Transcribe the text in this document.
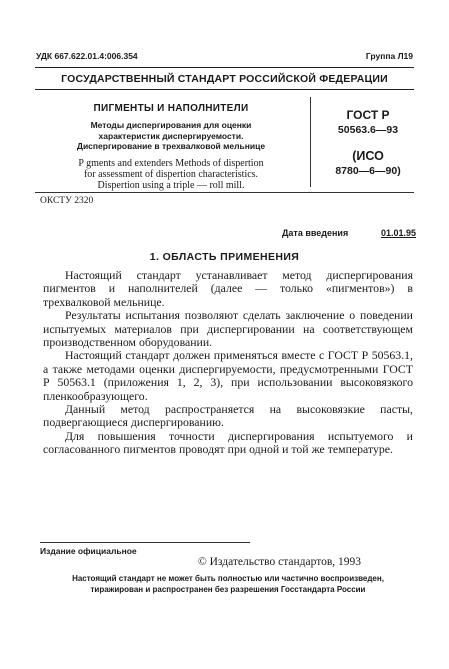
УДК 667.622.01.4:006.354	Группа Л19
ГОСУДАРСТВЕННЫЙ СТАНДАРТ РОССИЙСКОЙ ФЕДЕРАЦИИ
ПИГМЕНТЫ И НАПОЛНИТЕЛИ
Методы диспергирования для оценки
характеристик диспергируемости.
Диспергирование в трехвалковой мельнице
P gments and extenders Methods of dispertion
for assessment of dispertion characteristics.
Dispertion using a triple — roll mill.
ГОСТ Р
50563.6—93
(ИСО
8780—6—90)
ОКСТУ 2320
Дата введения	01.01.95
1. ОБЛАСТЬ ПРИМЕНЕНИЯ

Настоящий стандарт устанавливает метод диспергирования пигментов и наполнителей (далее — только «пигментов») в трехвалковой мельнице.

Результаты испытания позволяют сделать заключение о поведении испытуемых материалов при диспергировании на соответствующем производственном оборудовании.

Настоящий стандарт должен применяться вместе с ГОСТ Р 50563.1, а также методами оценки диспергируемости, предусмотренными ГОСТ Р 50563.1 (приложения 1, 2, 3), при использовании высоковязкого пленкообразующего.

Данный метод распространяется на высоковязкие пасты, подвергающиеся диспергированию.

Для повышения точности диспергирования испытуемого и согласованного пигментов проводят при одной и той же температуре.

Издание официальное
© Издательство стандартов, 1993
Настоящий стандарт не может быть полностью или частично воспроизведен,
тиражирован и распространен без разрешения Госстандарта России
